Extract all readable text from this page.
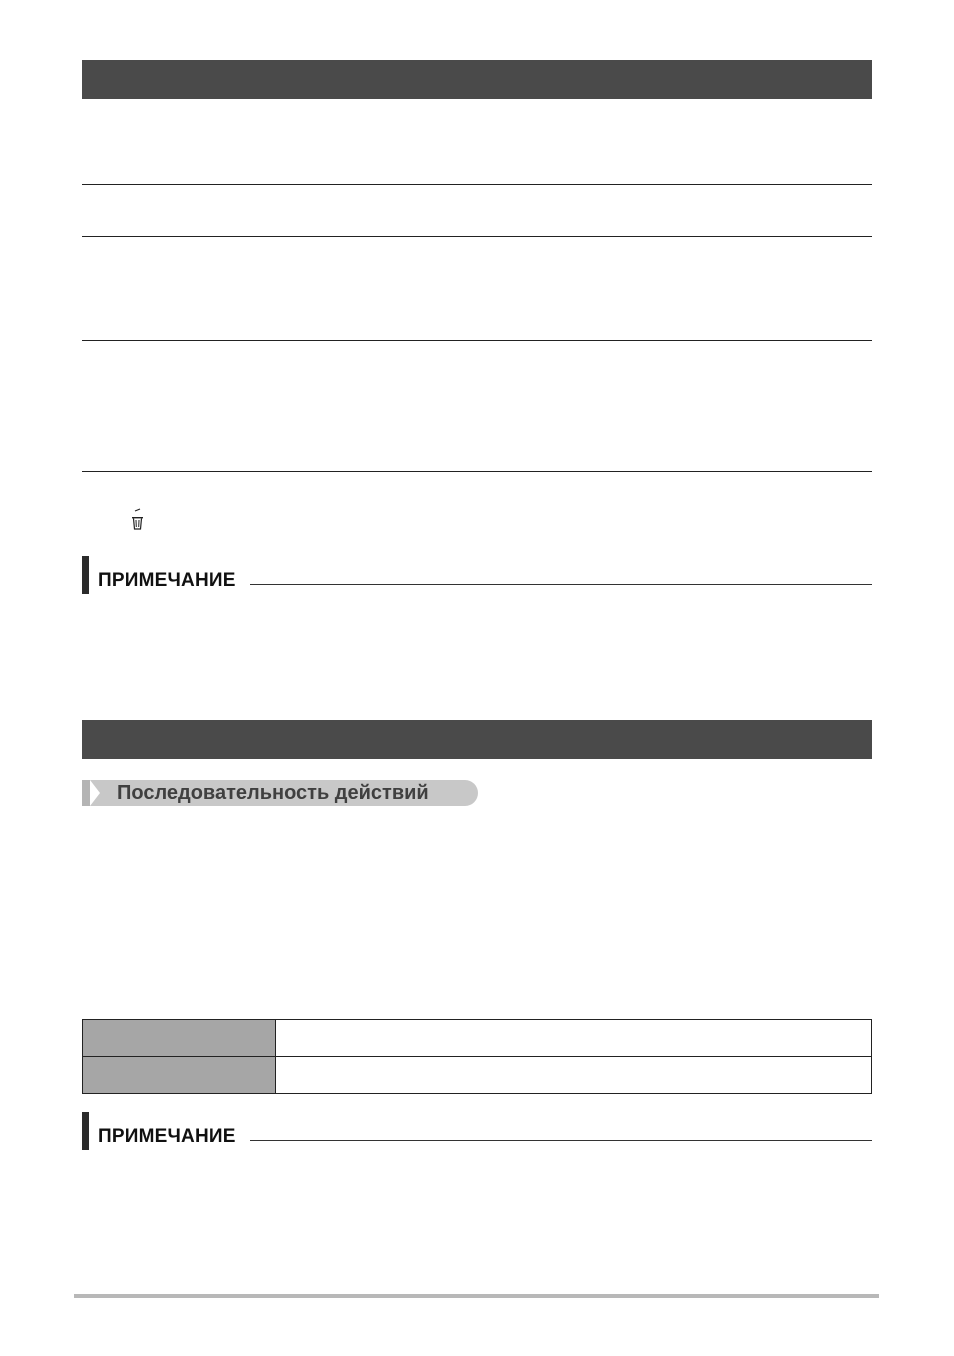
ПРИМЕЧАНИЕ
Последовательность действий

ПРИМЕЧАНИЕ
